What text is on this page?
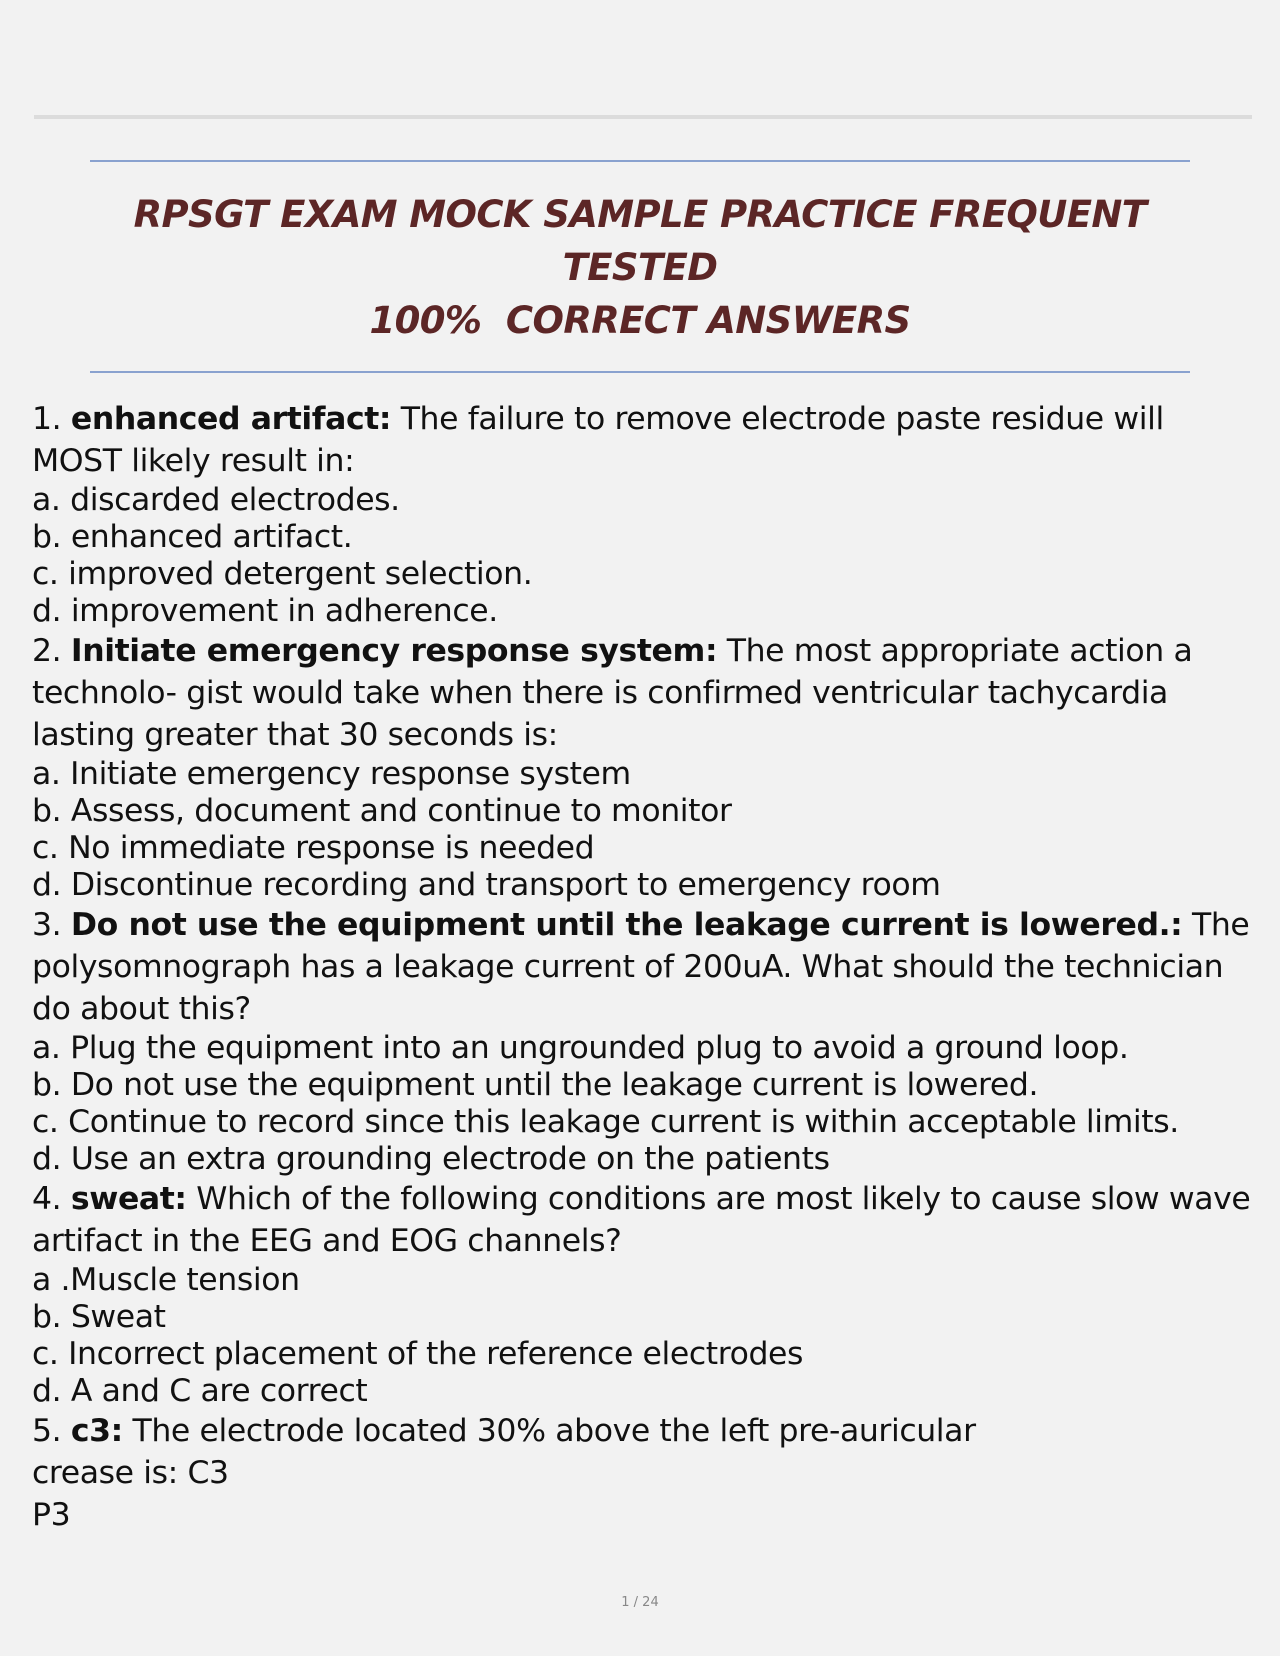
RPSGT EXAM MOCK SAMPLE PRACTICE FREQUENT TESTED
100%  CORRECT ANSWERS
1. enhanced artifact: The failure to remove electrode paste residue will MOST likely result in:
a. discarded electrodes.
b. enhanced artifact.
c. improved detergent selection.
d. improvement in adherence.
2. Initiate emergency response system: The most appropriate action a technolo- gist would take when there is confirmed ventricular tachycardia lasting greater that 30 seconds is:
a. Initiate emergency response system
b. Assess, document and continue to monitor
c. No immediate response is needed
d. Discontinue recording and transport to emergency room
3. Do not use the equipment until the leakage current is lowered.: The polysomnograph has a leakage current of 200uA. What should the technician do about this?
a. Plug the equipment into an ungrounded plug to avoid a ground loop.
b. Do not use the equipment until the leakage current is lowered.
c. Continue to record since this leakage current is within acceptable limits.
d. Use an extra grounding electrode on the patients
4. sweat: Which of the following conditions are most likely to cause slow wave artifact in the EEG and EOG channels?
a .Muscle tension
b. Sweat
c. Incorrect placement of the reference electrodes
d. A and C are correct
5. c3: The electrode located 30% above the left pre-auricular
crease is: C3
P3
1 / 24
